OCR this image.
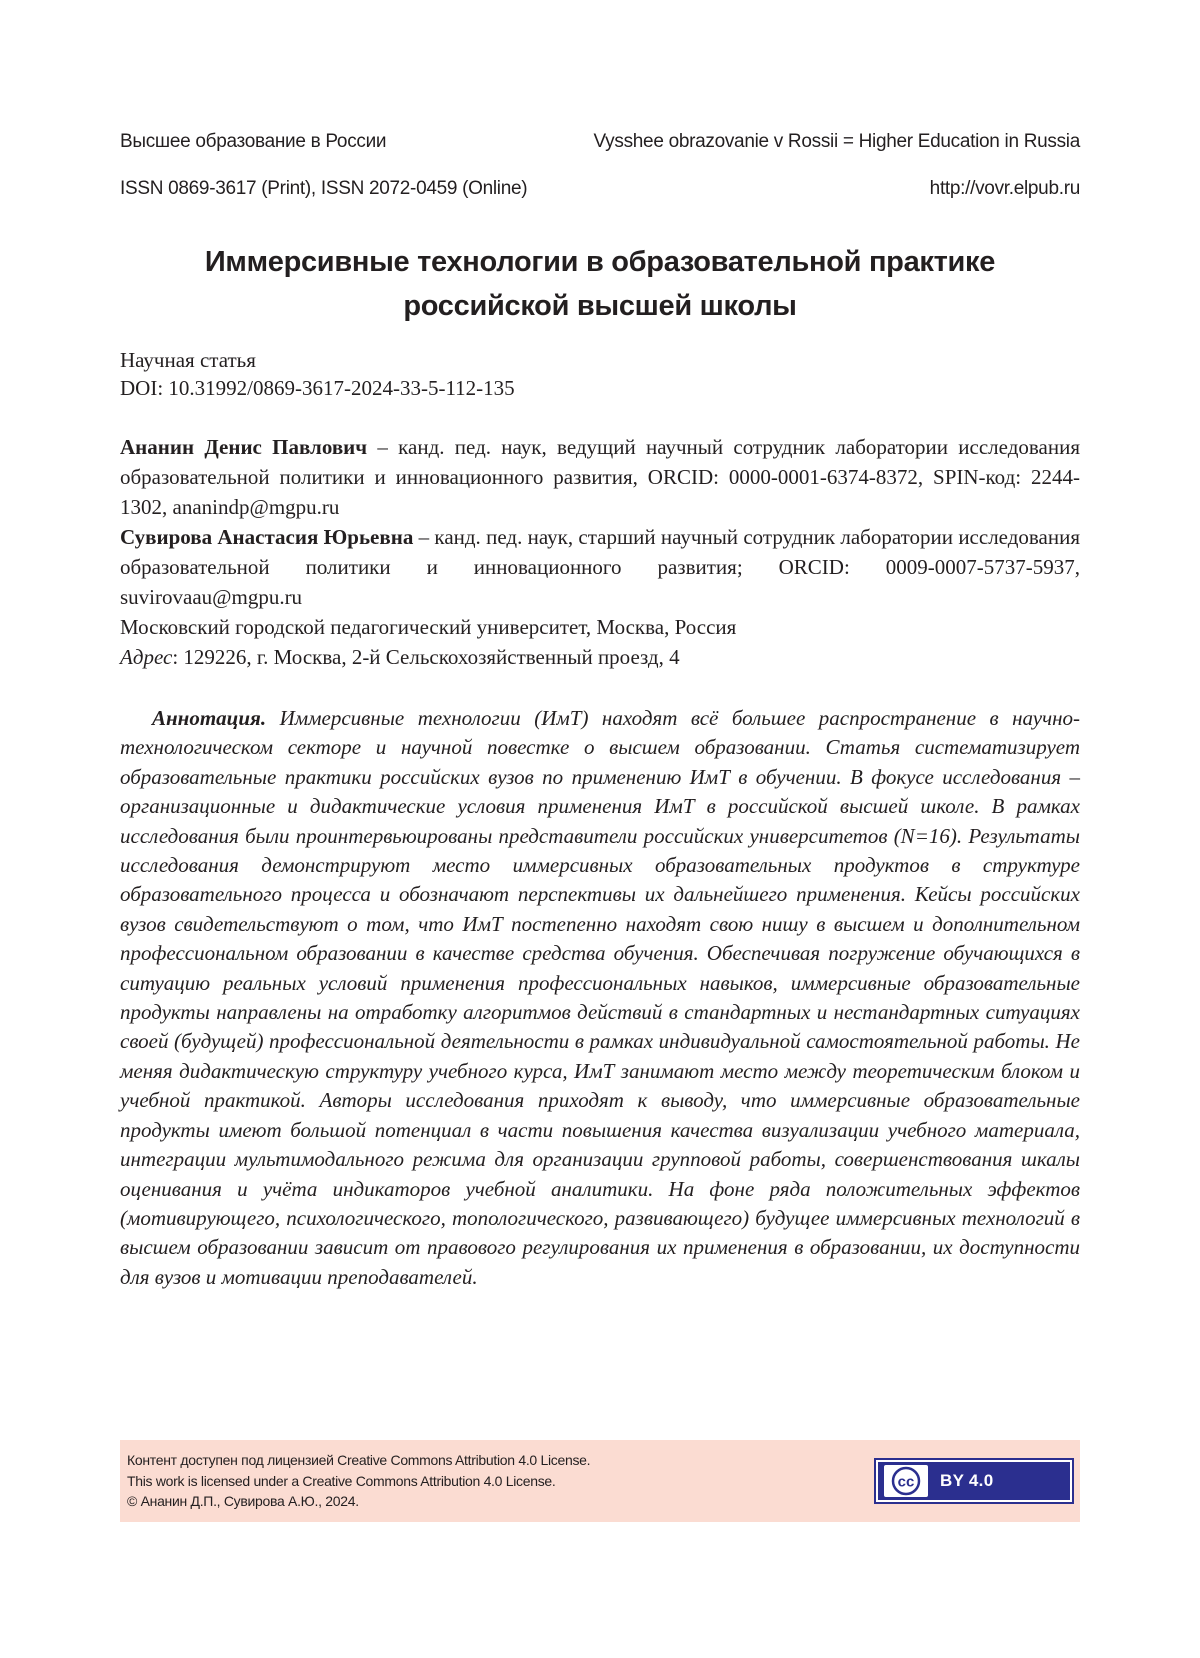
Высшее образование в России	Vysshee obrazovanie v Rossii = Higher Education in Russia
ISSN 0869-3617 (Print), ISSN 2072-0459 (Online)	http://vovr.elpub.ru
Иммерсивные технологии в образовательной практике
российской высшей школы
Научная статья
DOI: 10.31992/0869-3617-2024-33-5-112-135

Ананин Денис Павлович – канд. пед. наук, ведущий научный сотрудник лаборатории исследования образовательной политики и инновационного развития, ORCID: 0000-0001-6374-8372, SPIN-код: 2244-1302, ananindp@mgpu.ru

Сувирова Анастасия Юрьевна – канд. пед. наук, старший научный сотрудник лаборатории исследования образовательной политики и инновационного развития; ORCID: 0009-0007-5737-5937, suvirovaau@mgpu.ru

Московский городской педагогический университет, Москва, Россия

Адрес: 129226, г. Москва, 2-й Сельскохозяйственный проезд, 4

Аннотация. Иммерсивные технологии (ИмТ) находят всё большее распространение в научно-технологическом секторе и научной повестке о высшем образовании. Статья систематизирует образовательные практики российских вузов по применению ИмТ в обучении. В фокусе исследования – организационные и дидактические условия применения ИмТ в российской высшей школе. В рамках исследования были проинтервьюированы представители российских университетов (N=16). Результаты исследования демонстрируют место иммерсивных образовательных продуктов в структуре образовательного процесса и обозначают перспективы их дальнейшего применения. Кейсы российских вузов свидетельствуют о том, что ИмТ постепенно находят свою нишу в высшем и дополнительном профессиональном образовании в качестве средства обучения. Обеспечивая погружение обучающихся в ситуацию реальных условий применения профессиональных навыков, иммерсивные образовательные продукты направлены на отработку алгоритмов действий в стандартных и нестандартных ситуациях своей (будущей) профессиональной деятельности в рамках индивидуальной самостоятельной работы. Не меняя дидактическую структуру учебного курса, ИмТ занимают место между теоретическим блоком и учебной практикой. Авторы исследования приходят к выводу, что иммерсивные образовательные продукты имеют большой потенциал в части повышения качества визуализации учебного материала, интеграции мультимодального режима для организации групповой работы, совершенствования шкалы оценивания и учёта индикаторов учебной аналитики. На фоне ряда положительных эффектов (мотивирующего, психологического, топологического, развивающего) будущее иммерсивных технологий в высшем образовании зависит от правового регулирования их применения в образовании, их доступности для вузов и мотивации преподавателей.

Контент доступен под лицензией Creative Commons Attribution 4.0 License.
This work is licensed under a Creative Commons Attribution 4.0 License.
© Ананин Д.П., Сувирова А.Ю., 2024.
cc BY 4.0
